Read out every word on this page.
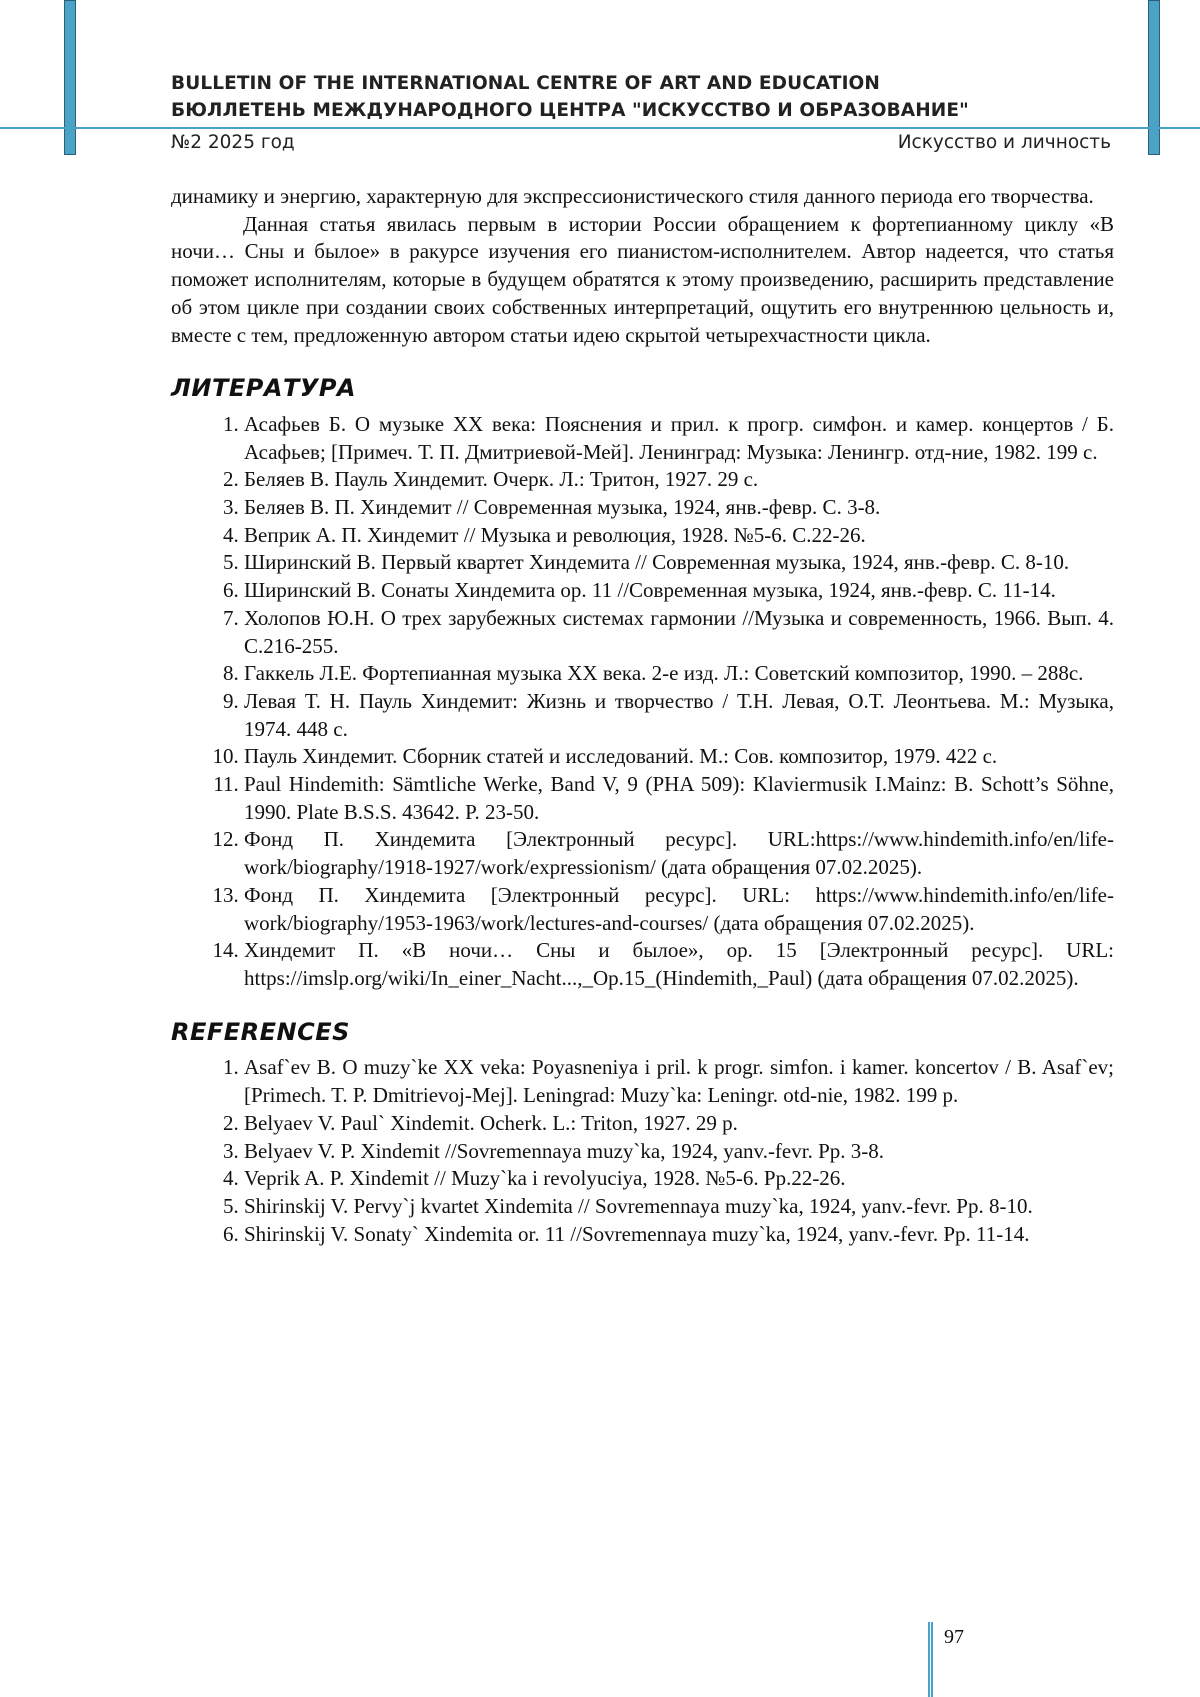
BULLETIN OF THE INTERNATIONAL CENTRE OF ART AND EDUCATION
БЮЛЛЕТЕНЬ МЕЖДУНАРОДНОГО ЦЕНТРА "ИСКУССТВО И ОБРАЗОВАНИЕ"
№2 2025 год	Искусство и личность

динамику и энергию, характерную для экспрессионистического стиля данного периода его творчества.

Данная статья явилась первым в истории России обращением к фортепианному циклу «В ночи… Сны и былое» в ракурсе изучения его пианистом-исполнителем. Автор надеется, что статья поможет исполнителям, которые в будущем обратятся к этому произведению, расширить представление об этом цикле при создании своих собственных интерпретаций, ощутить его внутреннюю цельность и, вместе с тем, предложенную автором статьи идею скрытой четырехчастности цикла.

ЛИТЕРАТУРА
1. Асафьев Б. О музыке XX века: Пояснения и прил. к прогр. симфон. и камер. концертов / Б. Асафьев; [Примеч. Т. П. Дмитриевой-Мей]. Ленинград: Музыка: Ленингр. отд-ние, 1982. 199 с.
2. Беляев В. Пауль Хиндемит. Очерк. Л.: Тритон, 1927. 29 с.
3. Беляев В. П. Хиндемит // Современная музыка, 1924, янв.-февр. С. 3-8.
4. Веприк А. П. Хиндемит // Музыка и революция, 1928. №5-6. С.22-26.
5. Ширинский В. Первый квартет Хиндемита // Современная музыка, 1924, янв.-февр. С. 8-10.
6. Ширинский В. Сонаты Хиндемита ор. 11 //Современная музыка, 1924, янв.-февр. С. 11-14.
7. Холопов Ю.Н. О трех зарубежных системах гармонии //Музыка и современность, 1966. Вып. 4. С.216-255.
8. Гаккель Л.Е. Фортепианная музыка XX века. 2-е изд. Л.: Советский композитор, 1990. – 288с.
9. Левая Т. Н. Пауль Хиндемит: Жизнь и творчество / Т.Н. Левая, О.Т. Леонтьева. М.: Музыка, 1974. 448 с.
10. Пауль Хиндемит. Сборник статей и исследований. М.: Сов. композитор, 1979. 422 с.
11. Paul Hindemith: Sämtliche Werke, Band V, 9 (PHA 509): Klaviermusik I.Mainz: B. Schott’s Söhne, 1990. Plate B.S.S. 43642. P. 23-50.
12. Фонд П. Хиндемита [Электронный ресурс]. URL:https://www.hindemith.info/en/life-work/biography/1918-1927/work/expressionism/ (дата обращения 07.02.2025).
13. Фонд П. Хиндемита [Электронный ресурс]. URL: https://www.hindemith.info/en/life-work/biography/1953-1963/work/lectures-and-courses/ (дата обращения 07.02.2025).
14. Хиндемит П. «В ночи… Сны и былое», op. 15 [Электронный ресурс]. URL: https://imslp.org/wiki/In_einer_Nacht...,_Op.15_(Hindemith,_Paul) (дата обращения 07.02.2025).
REFERENCES
1. Asaf`ev B. O muzy`ke XX veka: Poyasneniya i pril. k progr. simfon. i kamer. koncertov / B. Asaf`ev; [Primech. T. P. Dmitrievoj-Mej]. Leningrad: Muzy`ka: Leningr. otd-nie, 1982. 199 p.
2. Belyaev V. Paul` Xindemit. Ocherk. L.: Triton, 1927. 29 p.
3. Belyaev V. P. Xindemit //Sovremennaya muzy`ka, 1924, yanv.-fevr. Pp. 3-8.
4. Veprik A. P. Xindemit // Muzy`ka i revolyuciya, 1928. №5-6. Pp.22-26.
5. Shirinskij V. Pervy`j kvartet Xindemita // Sovremennaya muzy`ka, 1924, yanv.-fevr. Pp. 8-10.
6. Shirinskij V. Sonaty` Xindemita or. 11 //Sovremennaya muzy`ka, 1924, yanv.-fevr. Pp. 11-14.
97
